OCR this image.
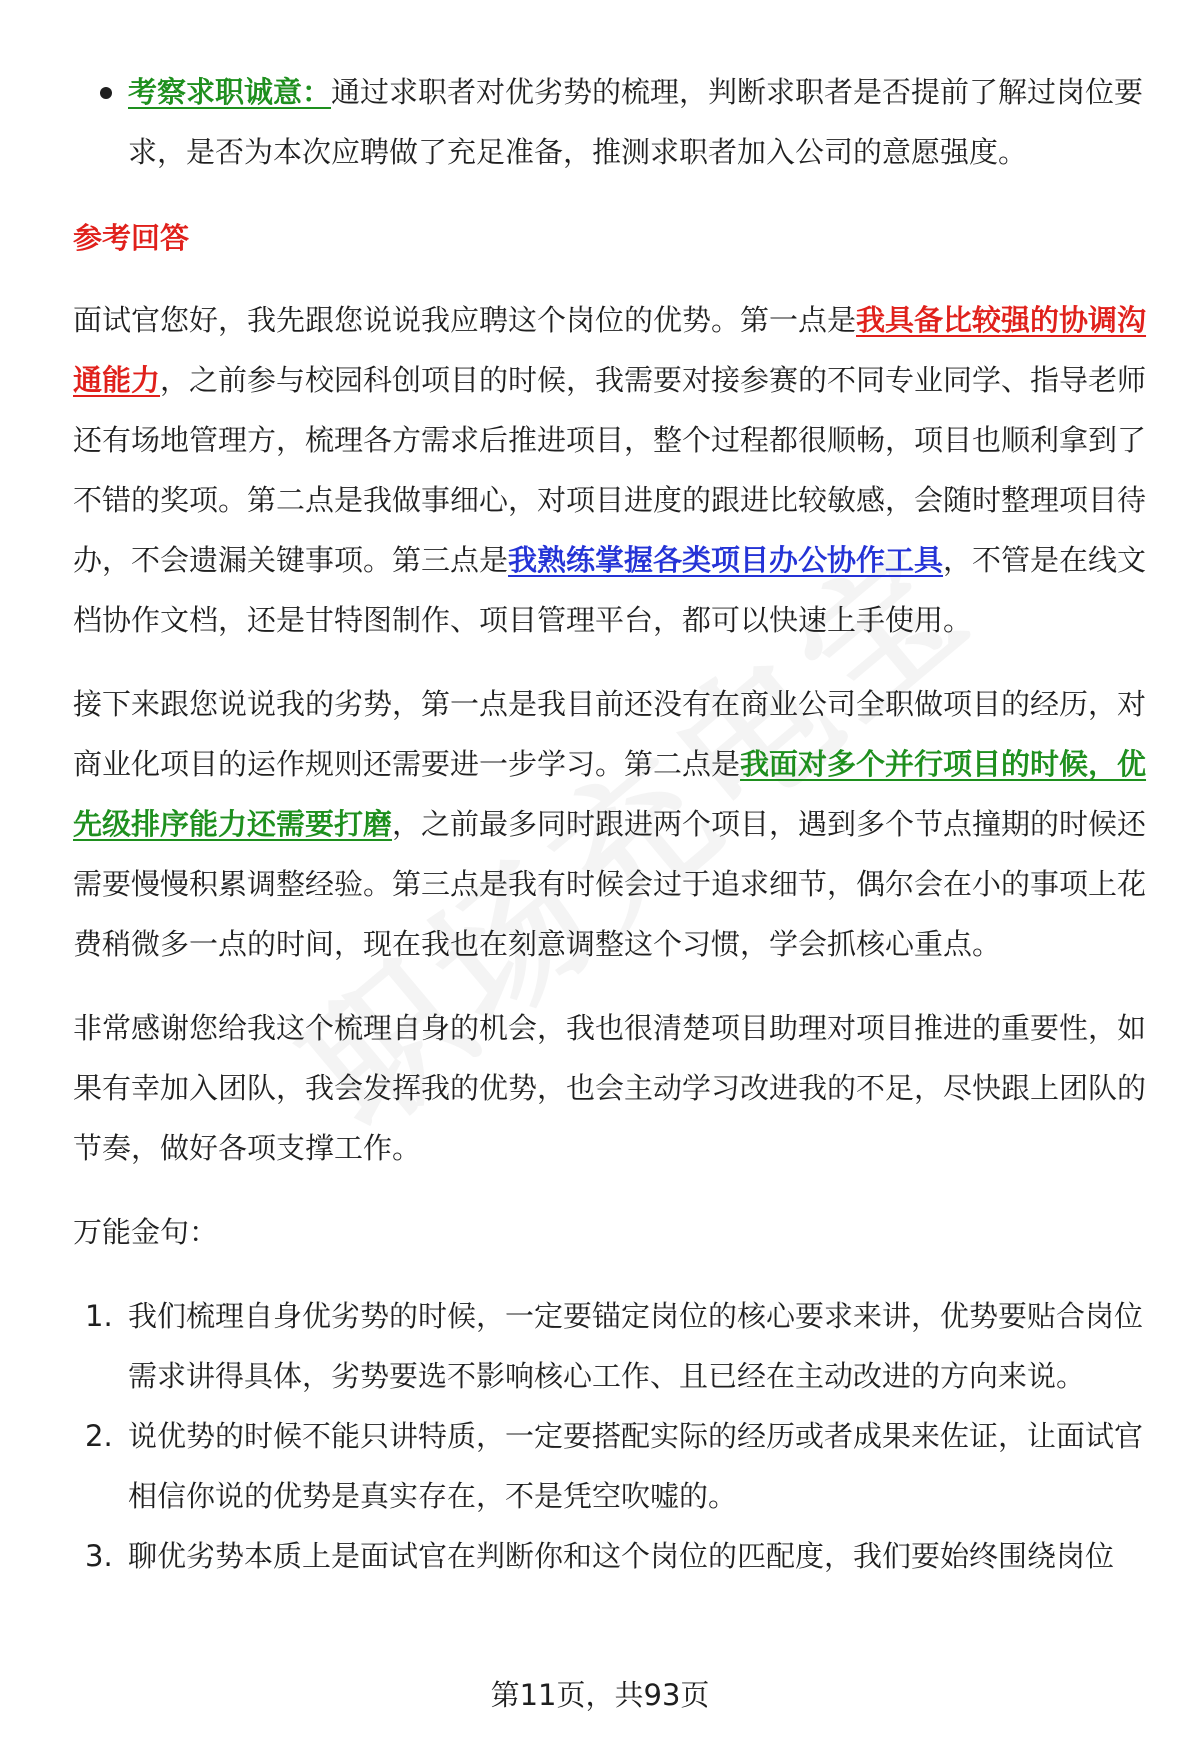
考察求职诚意：通过求职者对优劣势的梳理，判断求职者是否提前了解过岗位要求，是否为本次应聘做了充足准备，推测求职者加入公司的意愿强度。

参考回答

面试官您好，我先跟您说说我应聘这个岗位的优势。第一点是我具备比较强的协调沟通能力，之前参与校园科创项目的时候，我需要对接参赛的不同专业同学、指导老师还有场地管理方，梳理各方需求后推进项目，整个过程都很顺畅，项目也顺利拿到了不错的奖项。第二点是我做事细心，对项目进度的跟进比较敏感，会随时整理项目待办，不会遗漏关键事项。第三点是我熟练掌握各类项目办公协作工具，不管是在线文档协作文档，还是甘特图制作、项目管理平台，都可以快速上手使用。

接下来跟您说说我的劣势，第一点是我目前还没有在商业公司全职做项目的经历，对商业化项目的运作规则还需要进一步学习。第二点是我面对多个并行项目的时候，优先级排序能力还需要打磨，之前最多同时跟进两个项目，遇到多个节点撞期的时候还需要慢慢积累调整经验。第三点是我有时候会过于追求细节，偶尔会在小的事项上花费稍微多一点的时间，现在我也在刻意调整这个习惯，学会抓核心重点。

非常感谢您给我这个梳理自身的机会，我也很清楚项目助理对项目推进的重要性，如果有幸加入团队，我会发挥我的优势，也会主动学习改进我的不足，尽快跟上团队的节奏，做好各项支撑工作。

万能金句：

1. 我们梳理自身优劣势的时候，一定要锚定岗位的核心要求来讲，优势要贴合岗位需求讲得具体，劣势要选不影响核心工作、且已经在主动改进的方向来说。
2. 说优势的时候不能只讲特质，一定要搭配实际的经历或者成果来佐证，让面试官相信你说的优势是真实存在，不是凭空吹嘘的。
3. 聊优劣势本质上是面试官在判断你和这个岗位的匹配度，我们要始终围绕岗位
第11页，共93页
